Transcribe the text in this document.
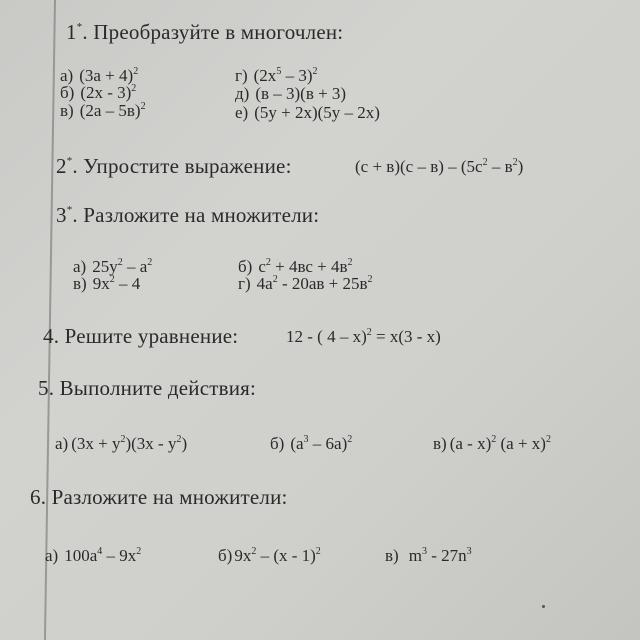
1*. Преобразуйте в многочлен:
а) $(3a + 4)^2$
б) (2x - 3)$^2$
в) (2a – 5в)$^2$
г) $(2x^5 - 3)^2$
д) (в – 3)(в + 3)
е) (5y + 2x)(5y – 2x)
2*. Упростите выражение:	$(с + в)(с - в) - (5с^2 - в^2)$
3*. Разложите на множители:
а) $25y^2 - a^2$
в) $9x^2 - 4$
б) $с^2 + 4вс + 4в^2$
г) $4a^2 - 20aв + 25в^2$
4. Решите уравнение:	12 - ( 4 – x)$^2$ = x(3 - x)
5. Выполните действия:
а) $(3x + y^2)(3x - y^2)$	б) $(a^3 - 6a)^2$	в) (a - x)$^2$ $(a + x)^2$
6. Разложите на множители:
а) $100a^4 - 9x^2$	б) $9x^2 - (x - 1)^2$	в) $m^3 - 27n^3$
